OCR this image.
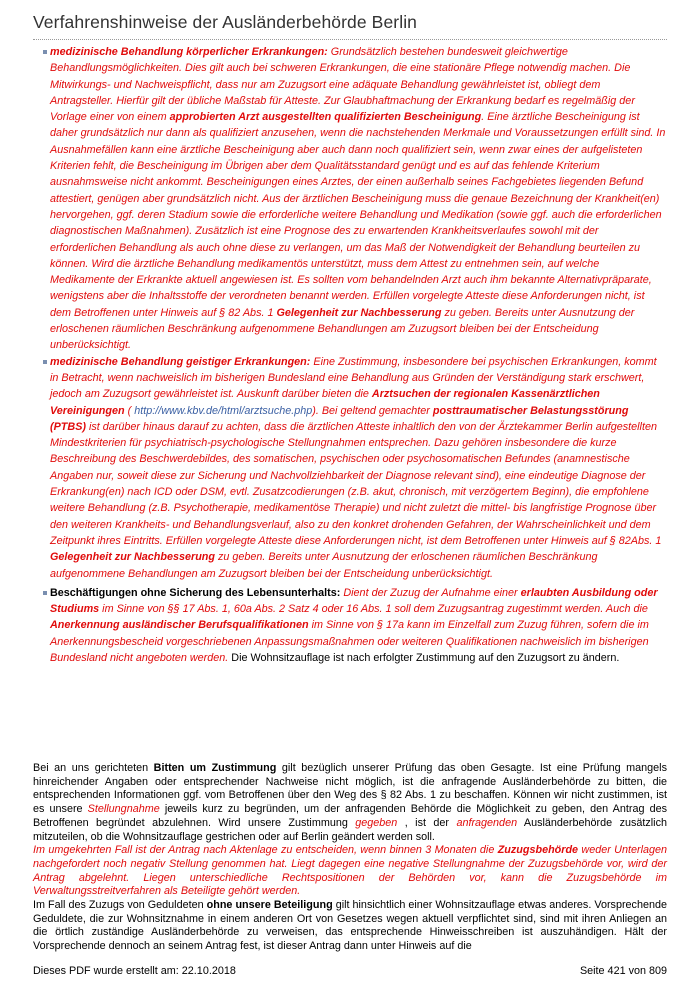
Verfahrenshinweise der Ausländerbehörde Berlin

medizinische Behandlung körperlicher Erkrankungen: Grundsätzlich bestehen bundesweit gleichwertige Behandlungsmöglichkeiten. Dies gilt auch bei schweren Erkrankungen, die eine stationäre Pflege notwendig machen. Die Mitwirkungs- und Nachweispflicht, dass nur am Zuzugsort eine adäquate Behandlung gewährleistet ist, obliegt dem Antragsteller. Hierfür gilt der übliche Maßstab für Atteste. Zur Glaubhaftmachung der Erkrankung bedarf es regelmäßig der Vorlage einer von einem approbierten Arzt ausgestellten qualifizierten Bescheinigung. Eine ärztliche Bescheinigung ist daher grundsätzlich nur dann als qualifiziert anzusehen, wenn die nachstehenden Merkmale und Voraussetzungen erfüllt sind. In Ausnahmefällen kann eine ärztliche Bescheinigung aber auch dann noch qualifiziert sein, wenn zwar eines der aufgelisteten Kriterien fehlt, die Bescheinigung im Übrigen aber dem Qualitätsstandard genügt und es auf das fehlende Kriterium ausnahmsweise nicht ankommt. Bescheinigungen eines Arztes, der einen außerhalb seines Fachgebietes liegenden Befund attestiert, genügen aber grundsätzlich nicht. Aus der ärztlichen Bescheinigung muss die genaue Bezeichnung der Krankheit(en) hervorgehen, ggf. deren Stadium sowie die erforderliche weitere Behandlung und Medikation (sowie ggf. auch die erforderlichen diagnostischen Maßnahmen). Zusätzlich ist eine Prognose des zu erwartenden Krankheitsverlaufes sowohl mit der erforderlichen Behandlung als auch ohne diese zu verlangen, um das Maß der Notwendigkeit der Behandlung beurteilen zu können. Wird die ärztliche Behandlung medikamentös unterstützt, muss dem Attest zu entnehmen sein, auf welche Medikamente der Erkrankte aktuell angewiesen ist. Es sollten vom behandelnden Arzt auch ihm bekannte Alternativpräparate, wenigstens aber die Inhaltsstoffe der verordneten benannt werden. Erfüllen vorgelegte Atteste diese Anforderungen nicht, ist dem Betroffenen unter Hinweis auf § 82 Abs. 1 Gelegenheit zur Nachbesserung zu geben. Bereits unter Ausnutzung der erloschenen räumlichen Beschränkung aufgenommene Behandlungen am Zuzugsort bleiben bei der Entscheidung unberücksichtigt.

medizinische Behandlung geistiger Erkrankungen: Eine Zustimmung, insbesondere bei psychischen Erkrankungen, kommt in Betracht, wenn nachweislich im bisherigen Bundesland eine Behandlung aus Gründen der Verständigung stark erschwert, jedoch am Zuzugsort gewährleistet ist. Auskunft darüber bieten die Arztsuchen der regionalen Kassenärztlichen Vereinigungen ( http://www.kbv.de/html/arztsuche.php). Bei geltend gemachter posttraumatischer Belastungsstörung (PTBS) ist darüber hinaus darauf zu achten, dass die ärztlichen Atteste inhaltlich den von der Ärztekammer Berlin aufgestellten Mindestkriterien für psychiatrisch-psychologische Stellungnahmen entsprechen. Dazu gehören insbesondere die kurze Beschreibung des Beschwerdebildes, des somatischen, psychischen oder psychosomatischen Befundes (anamnestische Angaben nur, soweit diese zur Sicherung und Nachvollziehbarkeit der Diagnose relevant sind), eine eindeutige Diagnose der Erkrankung(en) nach ICD oder DSM, evtl. Zusatzcodierungen (z.B. akut, chronisch, mit verzögertem Beginn), die empfohlene weitere Behandlung (z.B. Psychotherapie, medikamentöse Therapie) und nicht zuletzt die mittel- bis langfristige Prognose über den weiteren Krankheits- und Behandlungsverlauf, also zu den konkret drohenden Gefahren, der Wahrscheinlichkeit und dem Zeitpunkt ihres Eintritts. Erfüllen vorgelegte Atteste diese Anforderungen nicht, ist dem Betroffenen unter Hinweis auf § 82Abs. 1 Gelegenheit zur Nachbesserung zu geben. Bereits unter Ausnutzung der erloschenen räumlichen Beschränkung aufgenommene Behandlungen am Zuzugsort bleiben bei der Entscheidung unberücksichtigt.

Beschäftigungen ohne Sicherung des Lebensunterhalts: Dient der Zuzug der Aufnahme einer erlaubten Ausbildung oder Studiums im Sinne von §§ 17 Abs. 1, 60a Abs. 2 Satz 4 oder 16 Abs. 1 soll dem Zuzugsantrag zugestimmt werden. Auch die Anerkennung ausländischer Berufsqualifikationen im Sinne von § 17a kann im Einzelfall zum Zuzug führen, sofern die im Anerkennungsbescheid vorgeschriebenen Anpassungsmaßnahmen oder weiteren Qualifikationen nachweislich im bisherigen Bundesland nicht angeboten werden. Die Wohnsitzauflage ist nach erfolgter Zustimmung auf den Zuzugsort zu ändern.

Bei an uns gerichteten Bitten um Zustimmung gilt bezüglich unserer Prüfung das oben Gesagte. Ist eine Prüfung mangels hinreichender Angaben oder entsprechender Nachweise nicht möglich, ist die anfragende Ausländerbehörde zu bitten, die entsprechenden Informationen ggf. vom Betroffenen über den Weg des § 82 Abs. 1 zu beschaffen. Können wir nicht zustimmen, ist es unsere Stellungnahme jeweils kurz zu begründen, um der anfragenden Behörde die Möglichkeit zu geben, den Antrag des Betroffenen begründet abzulehnen. Wird unsere Zustimmung gegeben , ist der anfragenden Ausländerbehörde zusätzlich mitzuteilen, ob die Wohnsitzauflage gestrichen oder auf Berlin geändert werden soll.

Im umgekehrten Fall ist der Antrag nach Aktenlage zu entscheiden, wenn binnen 3 Monaten die Zuzugsbehörde weder Unterlagen nachgefordert noch negativ Stellung genommen hat. Liegt dagegen eine negative Stellungnahme der Zuzugsbehörde vor, wird der Antrag abgelehnt. Liegen unterschiedliche Rechtspositionen der Behörden vor, kann die Zuzugsbehörde im Verwaltungsstreitverfahren als Beteiligte gehört werden.

Im Fall des Zuzugs von Geduldeten ohne unsere Beteiligung gilt hinsichtlich einer Wohnsitzauflage etwas anderes. Vorsprechende Geduldete, die zur Wohnsitznahme in einem anderen Ort von Gesetzes wegen aktuell verpflichtet sind, sind mit ihren Anliegen an die örtlich zuständige Ausländerbehörde zu verweisen, das entsprechende Hinweisschreiben ist auszuhändigen. Hält der Vorsprechende dennoch an seinem Antrag fest, ist dieser Antrag dann unter Hinweis auf die

Dieses PDF wurde erstellt am: 22.10.2018	Seite 421 von 809
